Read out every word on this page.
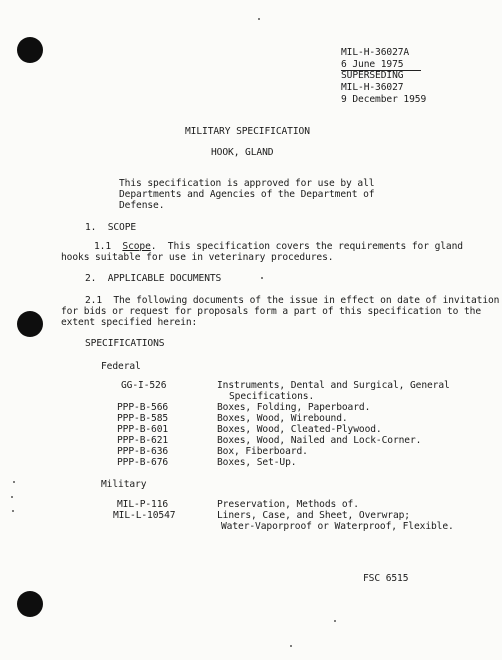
MIL-H-36027A
6 June 1975
SUPERSEDING
MIL-H-36027
9 December 1959
MILITARY SPECIFICATION
HOOK, GLAND
This specification is approved for use by all
Departments and Agencies of the Department of
Defense.
1.  SCOPE
1.1 Scope.  This specification covers the requirements for gland
hooks suitable for use in veterinary procedures.
2.  APPLICABLE DOCUMENTS
2.1  The following documents of the issue in effect on date of invitation
for bids or request for proposals form a part of this specification to the
extent specified herein:
SPECIFICATIONS
Federal
GG-I-526	Instruments, Dental and Surgical, General
Specifications.
PPP-B-566	Boxes, Folding, Paperboard.
PPP-B-585	Boxes, Wood, Wirebound.
PPP-B-601	Boxes, Wood, Cleated-Plywood.
PPP-B-621	Boxes, Wood, Nailed and Lock-Corner.
PPP-B-636	Box, Fiberboard.
PPP-B-676	Boxes, Set-Up.
Military
MIL-P-116	Preservation, Methods of.
MIL-L-10547	Liners, Case, and Sheet, Overwrap;
Water-Vaporproof or Waterproof, Flexible.
FSC 6515
